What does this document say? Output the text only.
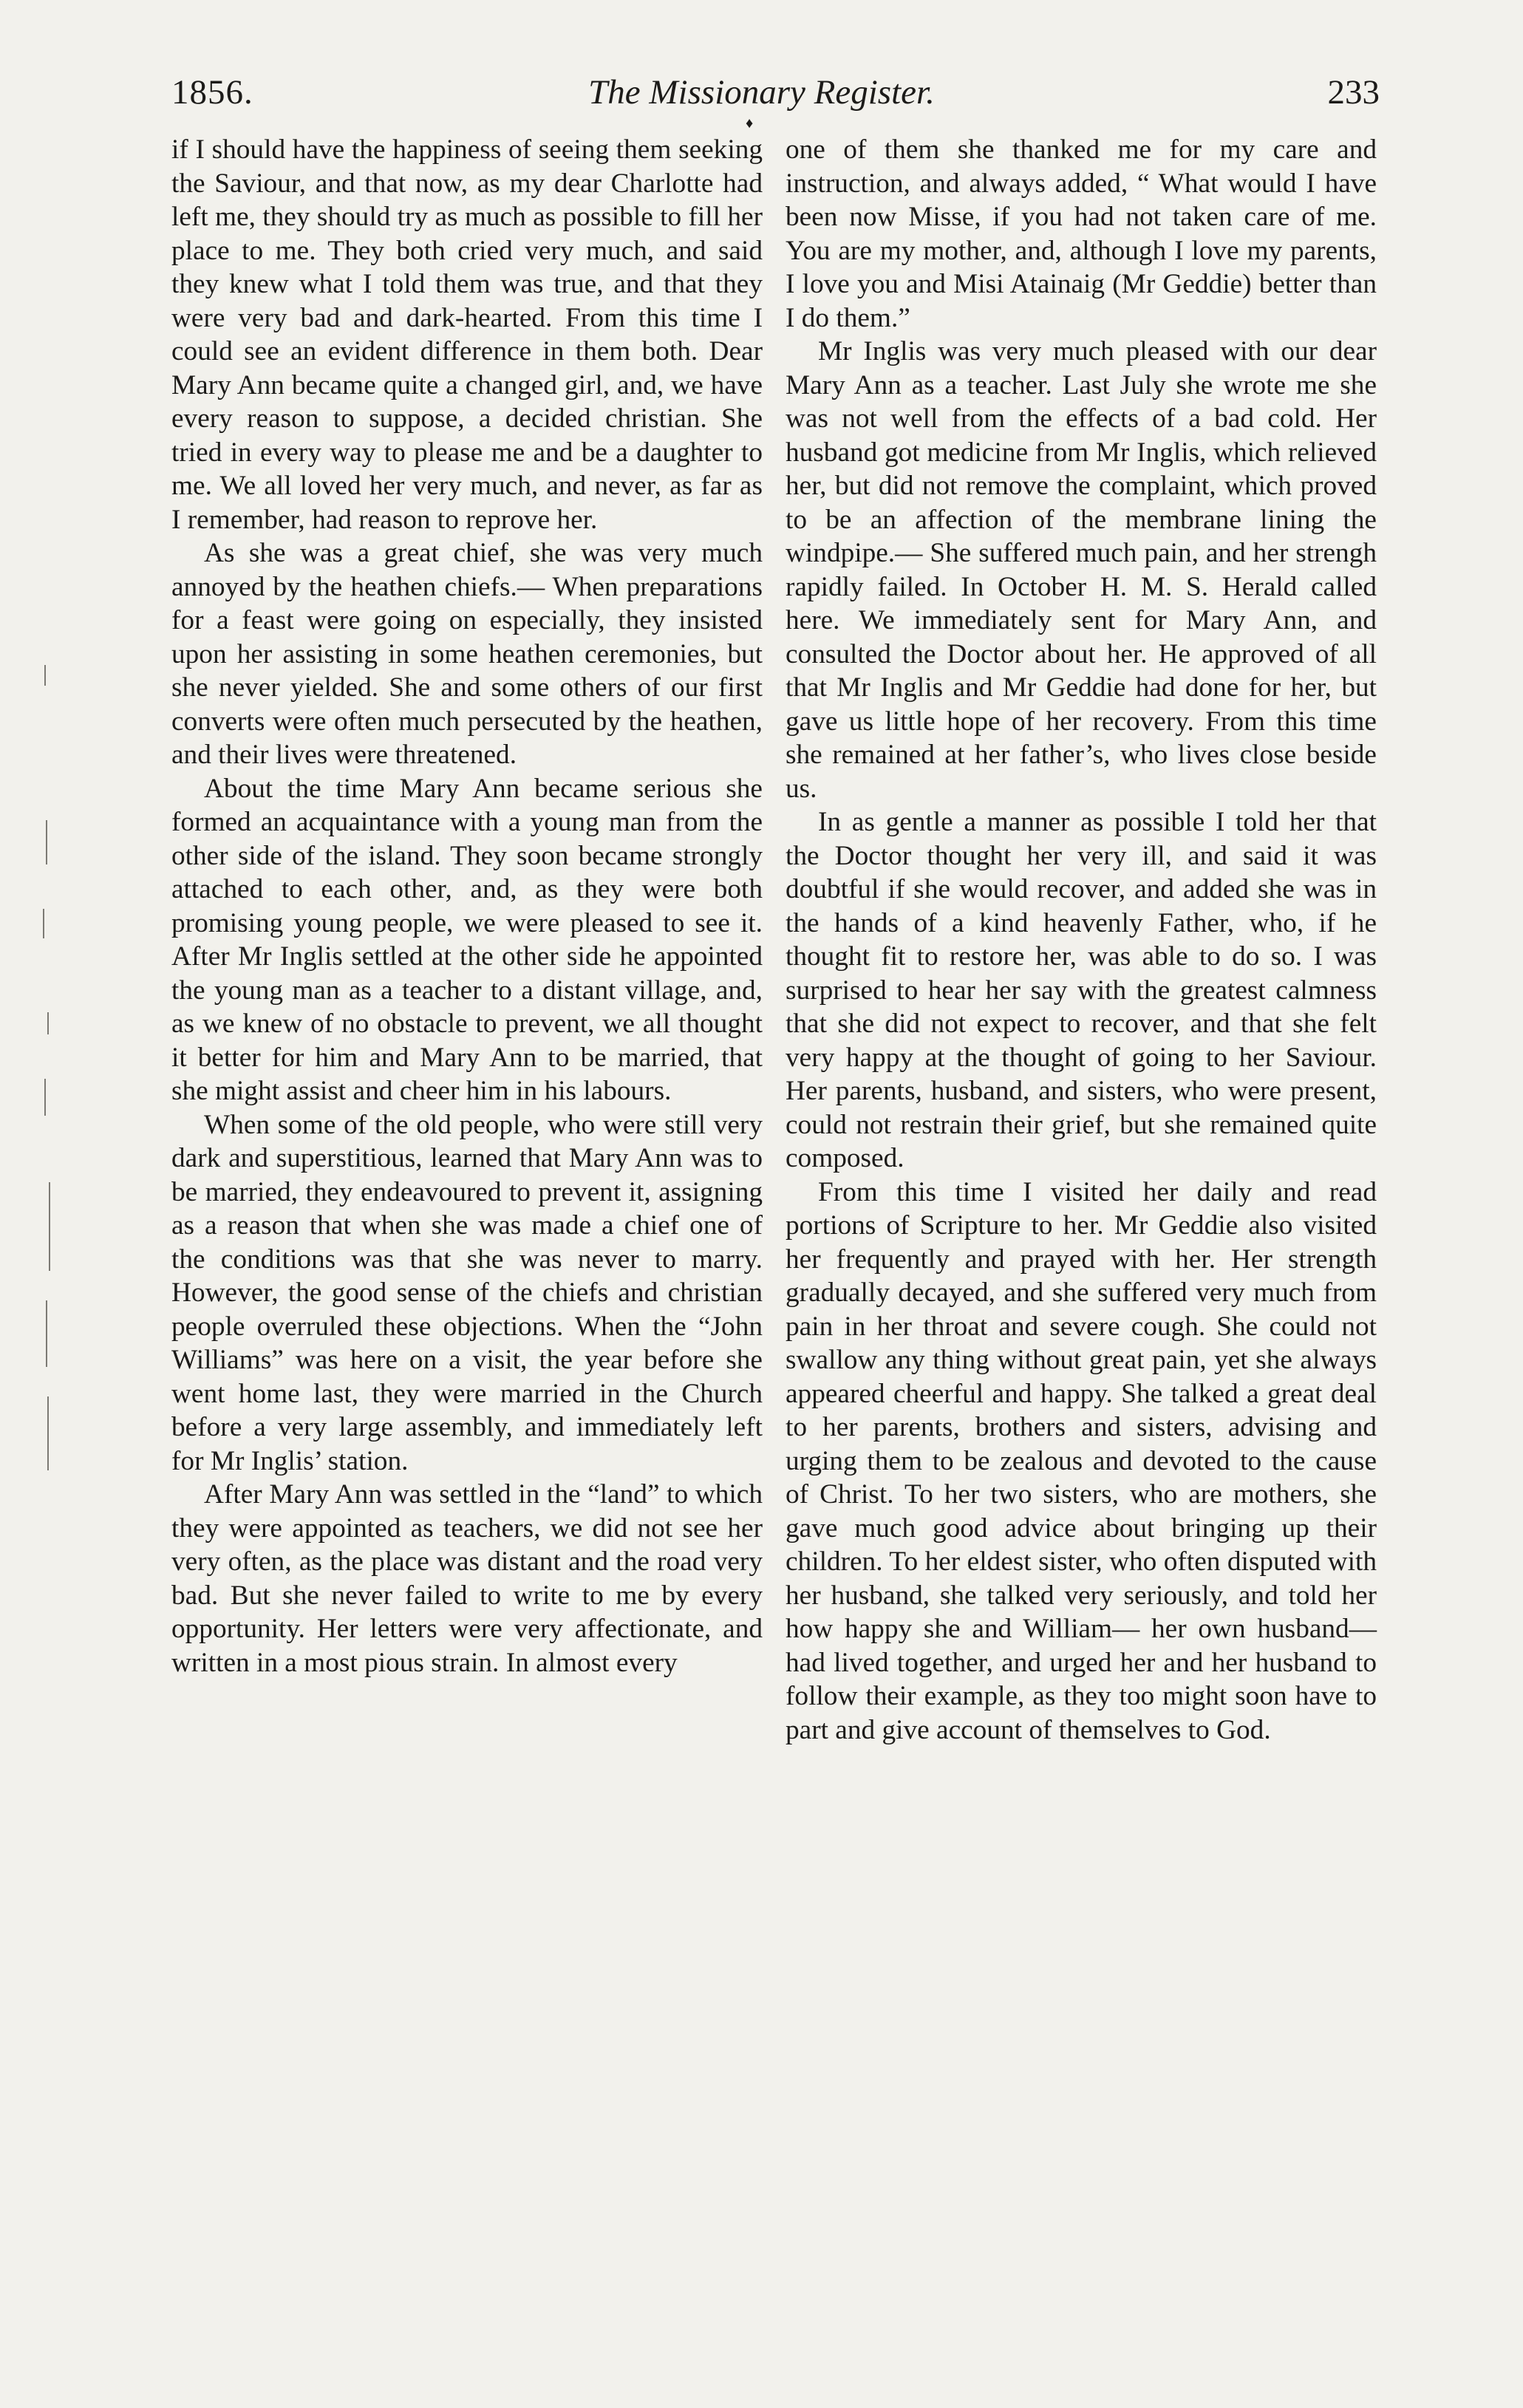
1856.	The Missionary Register.	233
♦

if I should have the happiness of seeing them seeking the Saviour, and that now, as my dear Charlotte had left me, they should try as much as possible to fill her place to me. They both cried very much, and said they knew what I told them was true, and that they were very bad and dark-hearted. From this time I could see an evident difference in them both. Dear Mary Ann became quite a changed girl, and, we have every reason to suppose, a decided christian. She tried in every way to please me and be a daughter to me. We all loved her very much, and never, as far as I remember, had reason to reprove her.

As she was a great chief, she was very much annoyed by the heathen chiefs.— When preparations for a feast were going on especially, they insisted upon her assisting in some heathen ceremonies, but she never yielded. She and some others of our first converts were often much persecuted by the heathen, and their lives were threatened.

About the time Mary Ann became serious she formed an acquaintance with a young man from the other side of the island. They soon became strongly attached to each other, and, as they were both promising young people, we were pleased to see it. After Mr Inglis settled at the other side he appointed the young man as a teacher to a distant village, and, as we knew of no obstacle to prevent, we all thought it better for him and Mary Ann to be married, that she might assist and cheer him in his labours.

When some of the old people, who were still very dark and superstitious, learned that Mary Ann was to be married, they endeavoured to prevent it, assigning as a reason that when she was made a chief one of the conditions was that she was never to marry. However, the good sense of the chiefs and christian people overruled these objections. When the “John Williams” was here on a visit, the year before she went home last, they were married in the Church before a very large assembly, and immediately left for Mr Inglis’ station.

After Mary Ann was settled in the “land” to which they were appointed as teachers, we did not see her very often, as the place was distant and the road very bad. But she never failed to write to me by every opportunity. Her letters were very affectionate, and written in a most pious strain. In almost every

one of them she thanked me for my care and instruction, and always added, “ What would I have been now Misse, if you had not taken care of me. You are my mother, and, although I love my parents, I love you and Misi Atainaig (Mr Geddie) better than I do them.”

Mr Inglis was very much pleased with our dear Mary Ann as a teacher. Last July she wrote me she was not well from the effects of a bad cold. Her husband got medicine from Mr Inglis, which relieved her, but did not remove the complaint, which proved to be an affection of the membrane lining the windpipe.— She suffered much pain, and her strengh rapidly failed. In October H. M. S. Herald called here. We immediately sent for Mary Ann, and consulted the Doctor about her. He approved of all that Mr Inglis and Mr Geddie had done for her, but gave us little hope of her recovery. From this time she remained at her father’s, who lives close beside us.

In as gentle a manner as possible I told her that the Doctor thought her very ill, and said it was doubtful if she would recover, and added she was in the hands of a kind heavenly Father, who, if he thought fit to restore her, was able to do so. I was surprised to hear her say with the greatest calmness that she did not expect to recover, and that she felt very happy at the thought of going to her Saviour. Her parents, husband, and sisters, who were present, could not restrain their grief, but she remained quite composed.

From this time I visited her daily and read portions of Scripture to her. Mr Geddie also visited her frequently and prayed with her. Her strength gradually decayed, and she suffered very much from pain in her throat and severe cough. She could not swallow any thing without great pain, yet she always appeared cheerful and happy. She talked a great deal to her parents, brothers and sisters, advising and urging them to be zealous and devoted to the cause of Christ. To her two sisters, who are mothers, she gave much good advice about bringing up their children. To her eldest sister, who often disputed with her husband, she talked very seriously, and told her how happy she and William— her own husband—had lived together, and urged her and her husband to follow their example, as they too might soon have to part and give account of themselves to God.
